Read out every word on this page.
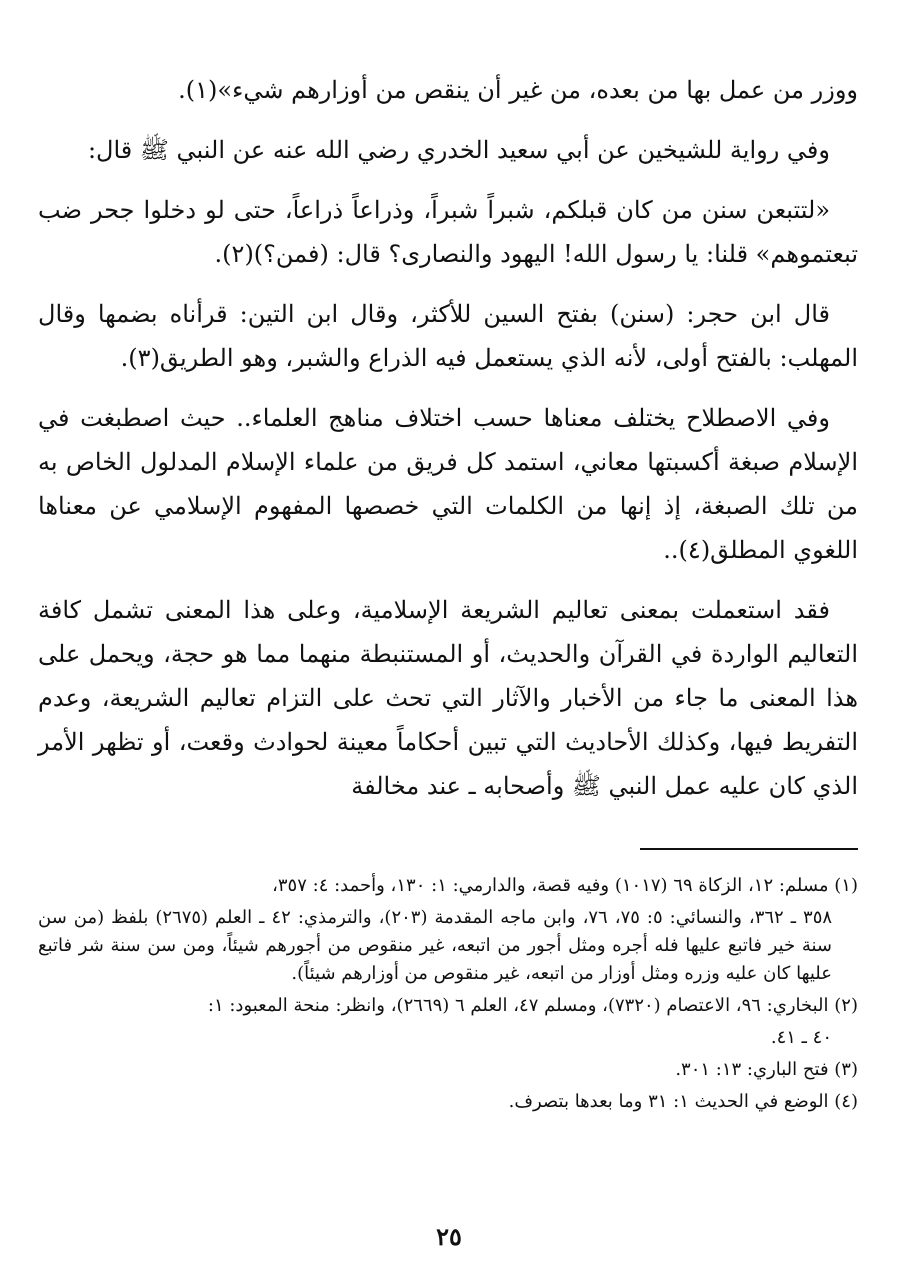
ووزر من عمل بها من بعده، من غير أن ينقص من أوزارهم شيء»(١).

وفي رواية للشيخين عن أبي سعيد الخدري رضي الله عنه عن النبي ﷺ قال:

«لتتبعن سنن من كان قبلكم، شبراً شبراً، وذراعاً ذراعاً، حتى لو دخلوا جحر ضب تبعتموهم» قلنا: يا رسول الله! اليهود والنصارى؟ قال: (فمن؟)(٢).

قال ابن حجر: (سنن) بفتح السين للأكثر، وقال ابن التين: قرأناه بضمها وقال المهلب: بالفتح أولى، لأنه الذي يستعمل فيه الذراع والشبر، وهو الطريق(٣).

وفي الاصطلاح يختلف معناها حسب اختلاف مناهج العلماء.. حيث اصطبغت في الإسلام صبغة أكسبتها معاني، استمد كل فريق من علماء الإسلام المدلول الخاص به من تلك الصبغة، إذ إنها من الكلمات التي خصصها المفهوم الإسلامي عن معناها اللغوي المطلق(٤)..

فقد استعملت بمعنى تعاليم الشريعة الإسلامية، وعلى هذا المعنى تشمل كافة التعاليم الواردة في القرآن والحديث، أو المستنبطة منهما مما هو حجة، ويحمل على هذا المعنى ما جاء من الأخبار والآثار التي تحث على التزام تعاليم الشريعة، وعدم التفريط فيها، وكذلك الأحاديث التي تبين أحكاماً معينة لحوادث وقعت، أو تظهر الأمر الذي كان عليه عمل النبي ﷺ وأصحابه ـ عند مخالفة

(١) مسلم: ١٢، الزكاة ٦٩ (١٠١٧) وفيه قصة، والدارمي: ١: ١٣٠، وأحمد: ٤: ٣٥٧،

٣٥٨ ـ ٣٦٢، والنسائي: ٥: ٧٥، ٧٦، وابن ماجه المقدمة (٢٠٣)، والترمذي: ٤٢ ـ العلم (٢٦٧٥) بلفظ (من سن سنة خير فاتبع عليها فله أجره ومثل أجور من اتبعه، غير منقوص من أجورهم شيئاً، ومن سن سنة شر فاتبع عليها كان عليه وزره ومثل أوزار من اتبعه، غير منقوص من أوزارهم شيئاً).

(٢) البخاري: ٩٦، الاعتصام (٧٣٢٠)، ومسلم ٤٧، العلم ٦ (٢٦٦٩)، وانظر: منحة المعبود: ١:

٤٠ ـ ٤١.

(٣) فتح الباري: ١٣: ٣٠١.

(٤) الوضع في الحديث ١: ٣١ وما بعدها بتصرف.

٢٥
